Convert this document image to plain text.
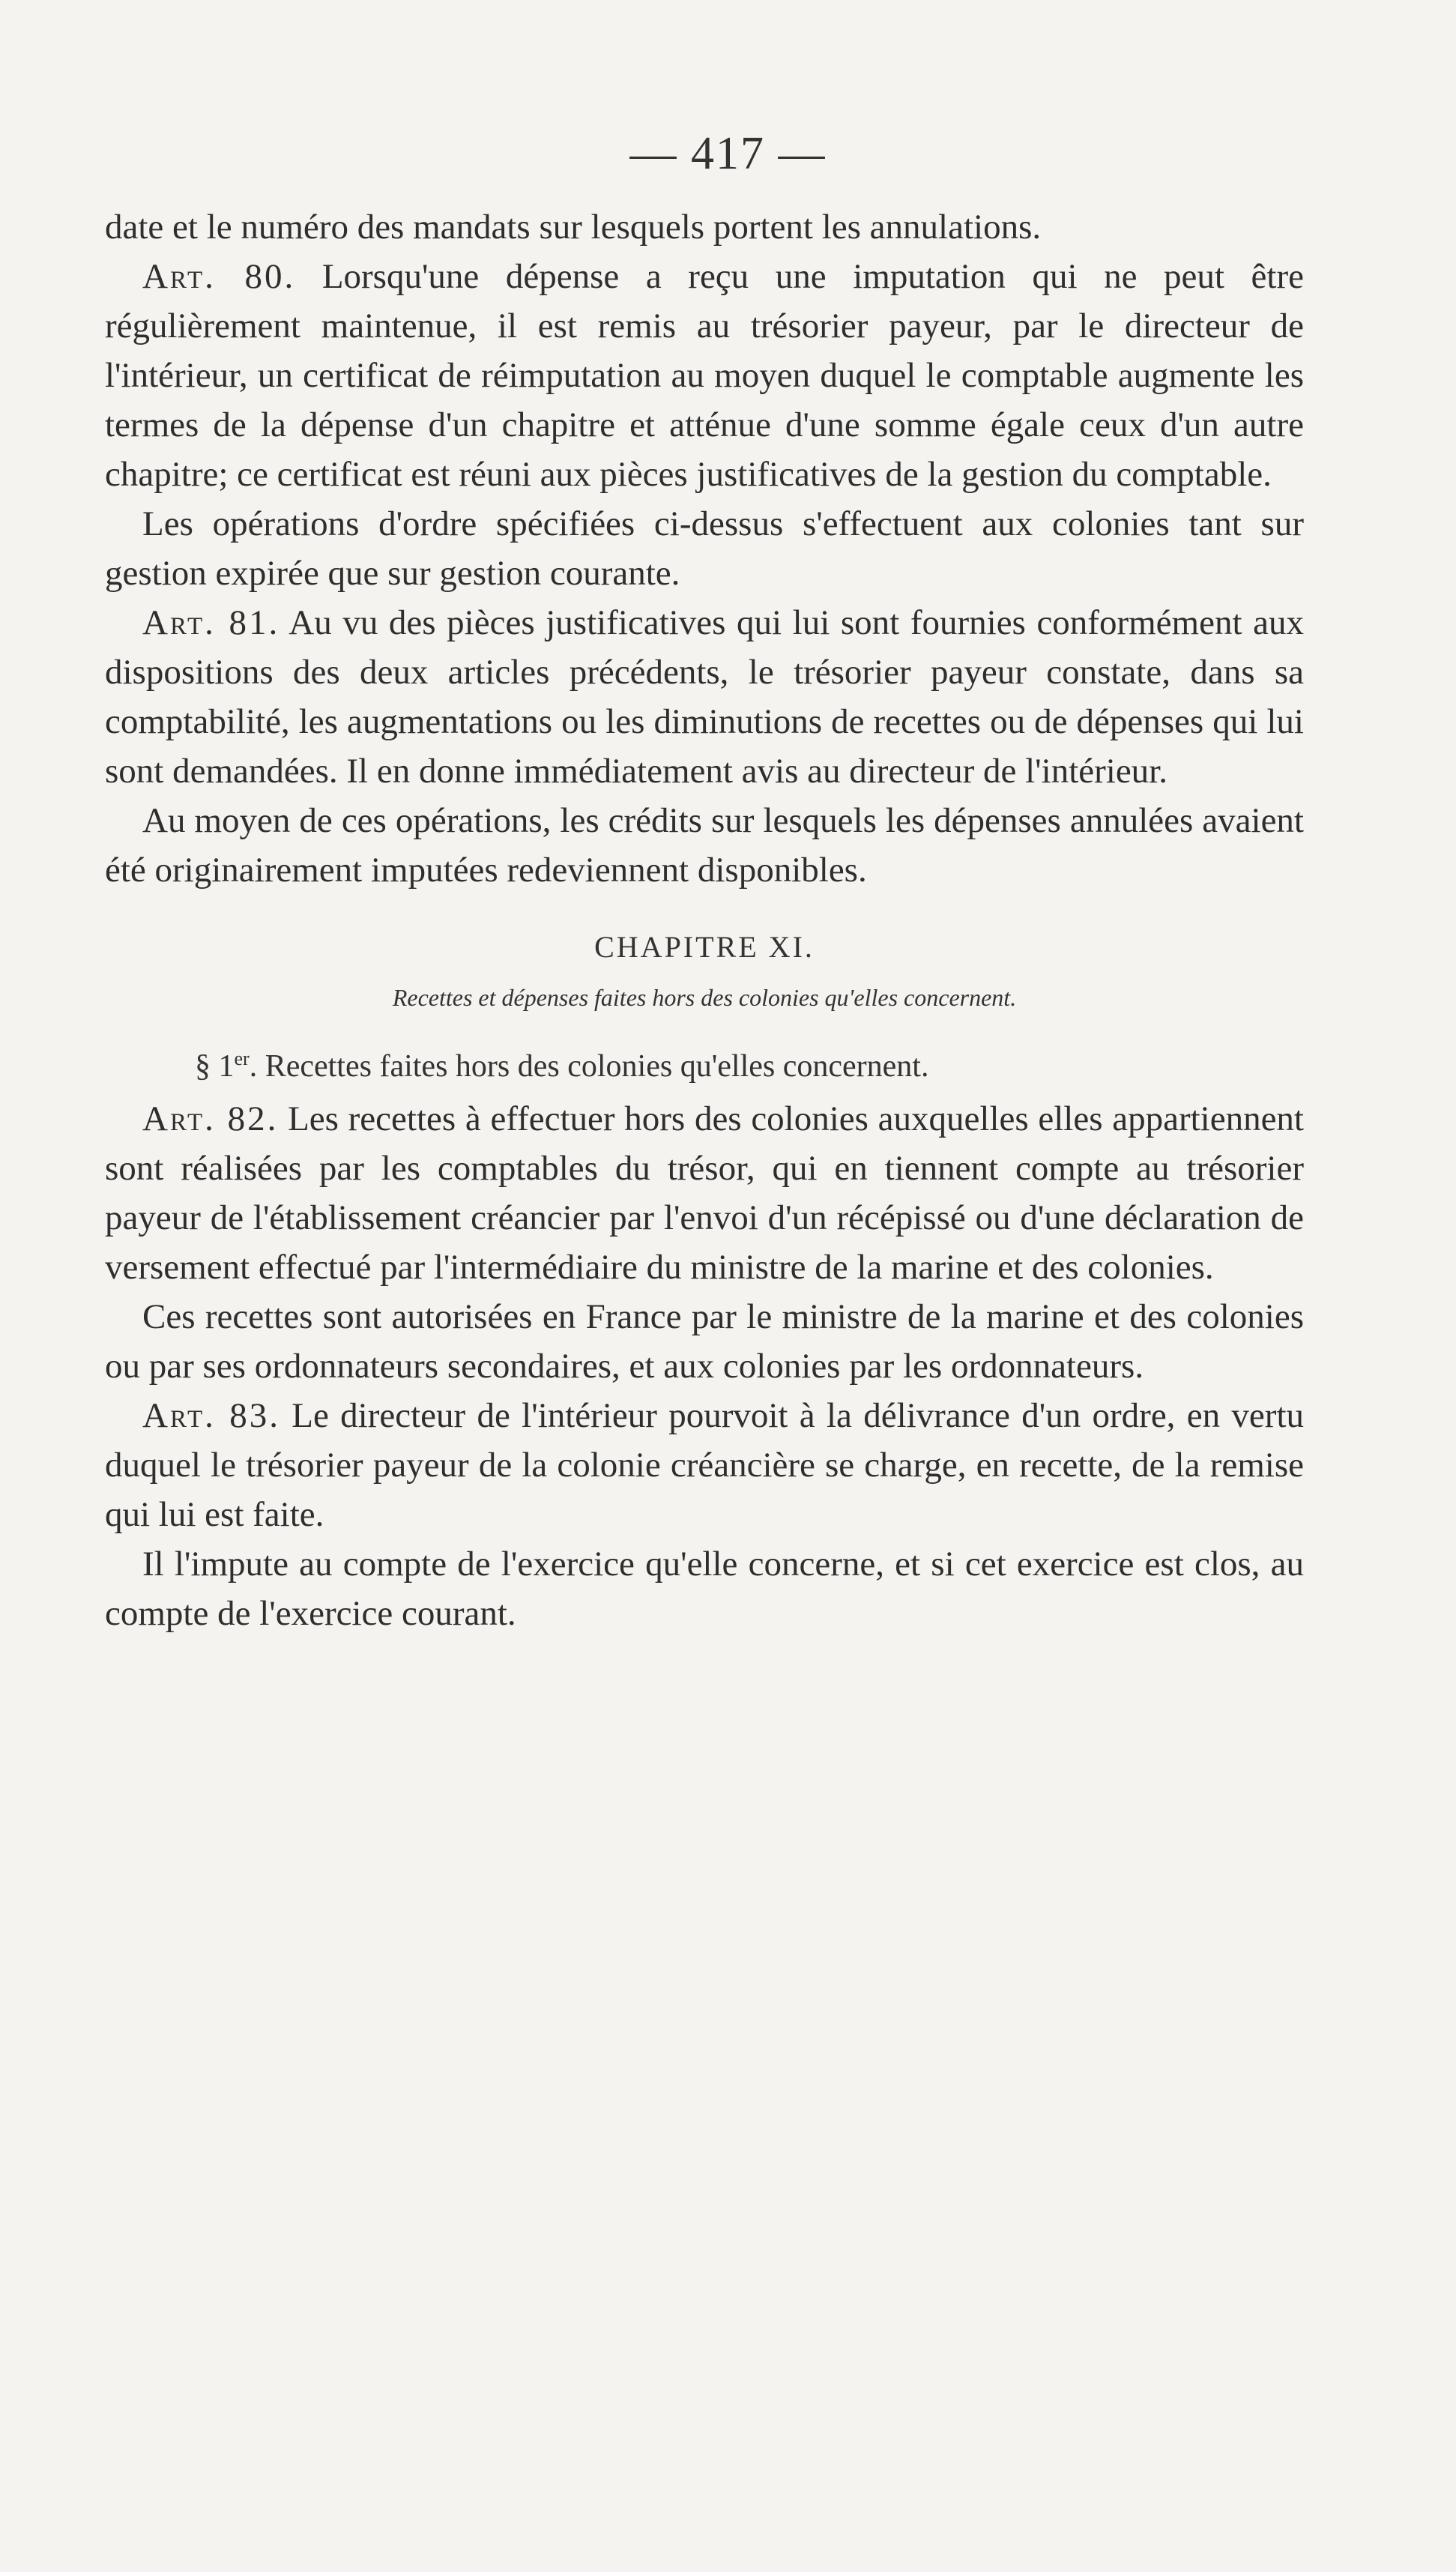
— 417 —

date et le numéro des mandats sur lesquels portent les annulations.

Art. 80. Lorsqu'une dépense a reçu une imputation qui ne peut être régulièrement maintenue, il est remis au trésorier payeur, par le directeur de l'intérieur, un certificat de réimputation au moyen duquel le comptable augmente les termes de la dépense d'un chapitre et atténue d'une somme égale ceux d'un autre chapitre; ce certificat est réuni aux pièces justificatives de la gestion du comptable.

Les opérations d'ordre spécifiées ci-dessus s'effectuent aux colonies tant sur gestion expirée que sur gestion courante.

Art. 81. Au vu des pièces justificatives qui lui sont fournies conformément aux dispositions des deux articles précédents, le trésorier payeur constate, dans sa comptabilité, les augmentations ou les diminutions de recettes ou de dépenses qui lui sont demandées. Il en donne immédiatement avis au directeur de l'intérieur.

Au moyen de ces opérations, les crédits sur lesquels les dépenses annulées avaient été originairement imputées redeviennent disponibles.

CHAPITRE XI.
Recettes et dépenses faites hors des colonies qu'elles concernent.
§ 1er. Recettes faites hors des colonies qu'elles concernent.

Art. 82. Les recettes à effectuer hors des colonies auxquelles elles appartiennent sont réalisées par les comptables du trésor, qui en tiennent compte au trésorier payeur de l'établissement créancier par l'envoi d'un récépissé ou d'une déclaration de versement effectué par l'intermédiaire du ministre de la marine et des colonies.

Ces recettes sont autorisées en France par le ministre de la marine et des colonies ou par ses ordonnateurs secondaires, et aux colonies par les ordonnateurs.

Art. 83. Le directeur de l'intérieur pourvoit à la délivrance d'un ordre, en vertu duquel le trésorier payeur de la colonie créancière se charge, en recette, de la remise qui lui est faite.

Il l'impute au compte de l'exercice qu'elle concerne, et si cet exercice est clos, au compte de l'exercice courant.
